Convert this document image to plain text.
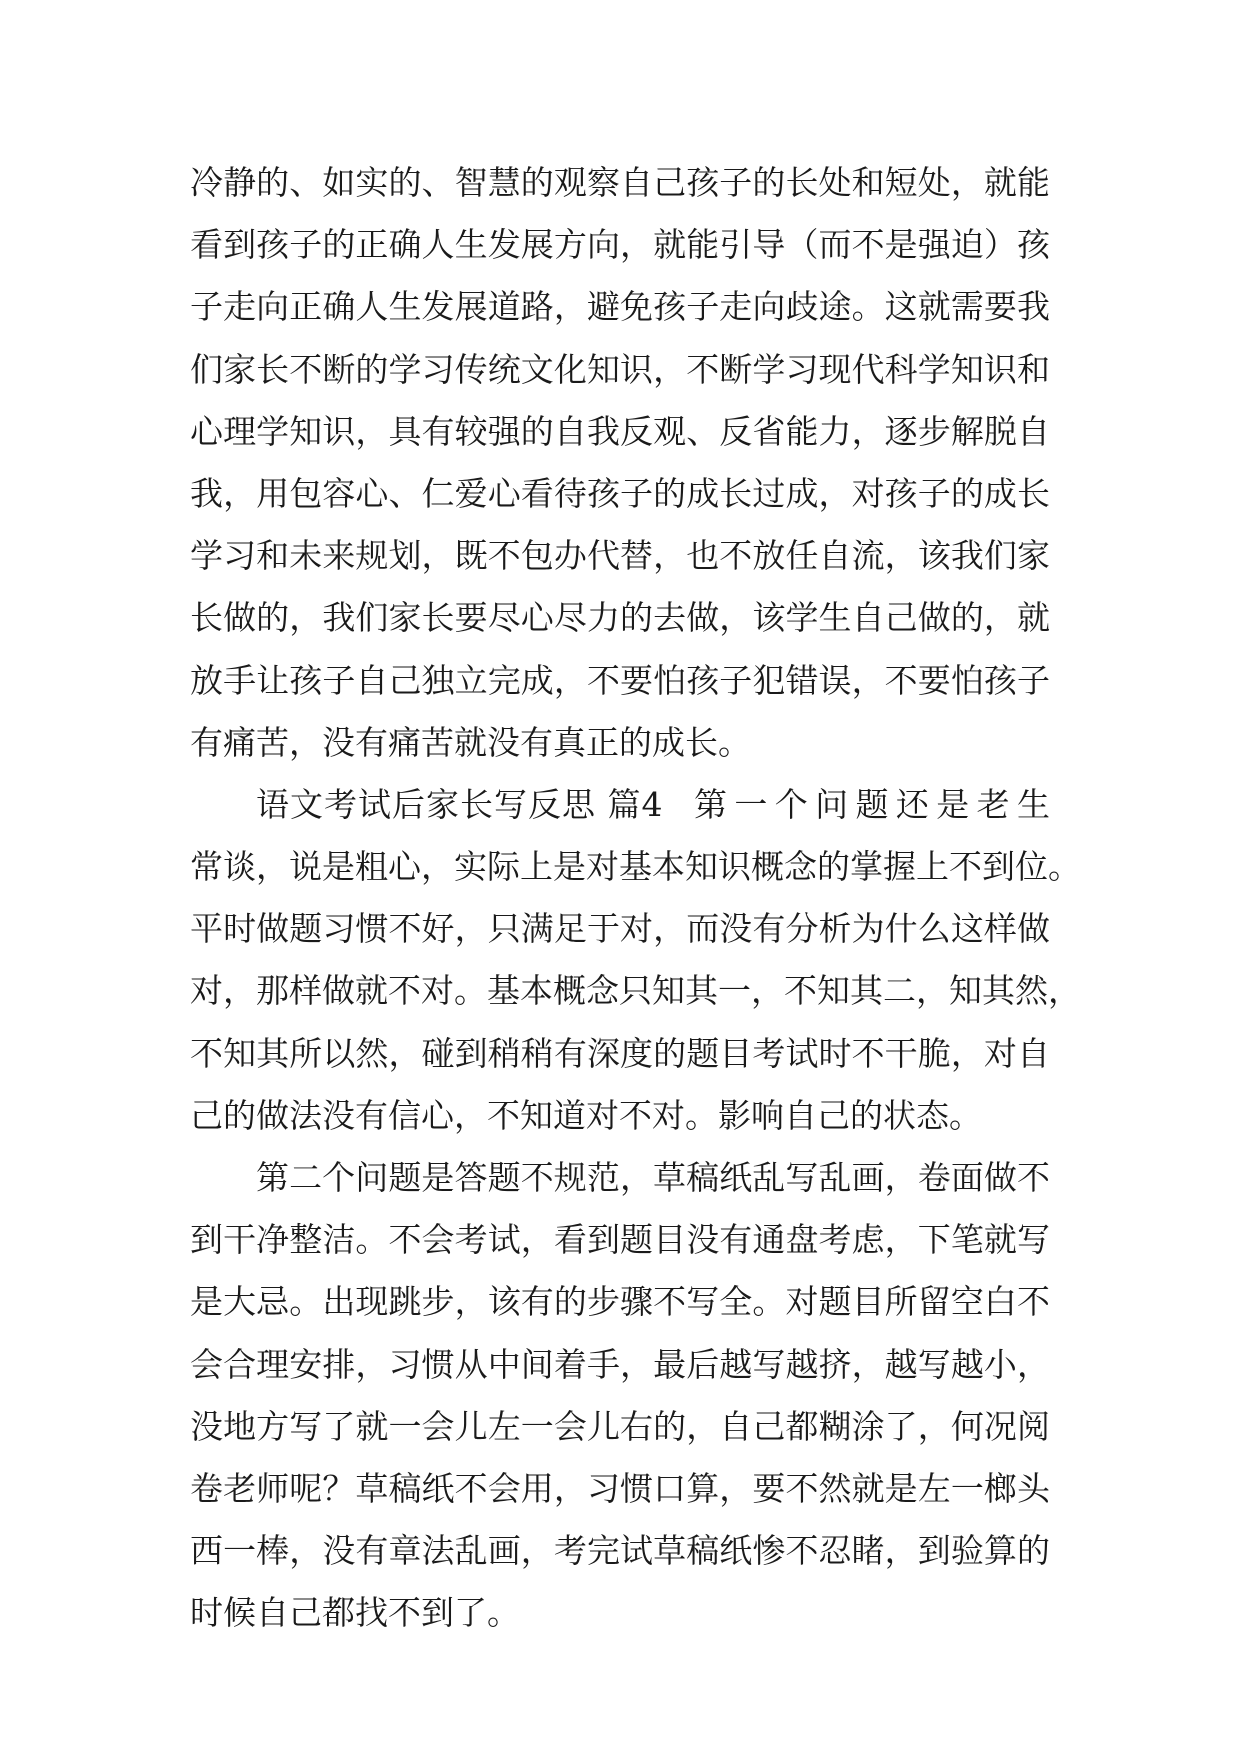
冷静的、如实的、智慧的观察自己孩子的长处和短处，就能
看到孩子的正确人生发展方向，就能引导（而不是强迫）孩
子走向正确人生发展道路，避免孩子走向歧途。这就需要我
们家长不断的学习传统文化知识，不断学习现代科学知识和
心理学知识，具有较强的自我反观、反省能力，逐步解脱自
我，用包容心、仁爱心看待孩子的成长过成，对孩子的成长
学习和未来规划，既不包办代替，也不放任自流，该我们家
长做的，我们家长要尽心尽力的去做，该学生自己做的，就
放手让孩子自己独立完成，不要怕孩子犯错误，不要怕孩子
有痛苦，没有痛苦就没有真正的成长。
语文考试后家长写反思 篇4 第一个问题还是老生
常谈，说是粗心，实际上是对基本知识概念的掌握上不到位。
平时做题习惯不好，只满足于对，而没有分析为什么这样做
对，那样做就不对。基本概念只知其一，不知其二，知其然，
不知其所以然，碰到稍稍有深度的题目考试时不干脆，对自
己的做法没有信心，不知道对不对。影响自己的状态。
第二个问题是答题不规范，草稿纸乱写乱画，卷面做不
到干净整洁。不会考试，看到题目没有通盘考虑，下笔就写
是大忌。出现跳步，该有的步骤不写全。对题目所留空白不
会合理安排，习惯从中间着手，最后越写越挤，越写越小，
没地方写了就一会儿左一会儿右的，自己都糊涂了，何况阅
卷老师呢？草稿纸不会用，习惯口算，要不然就是左一榔头
西一棒，没有章法乱画，考完试草稿纸惨不忍睹，到验算的
时候自己都找不到了。
